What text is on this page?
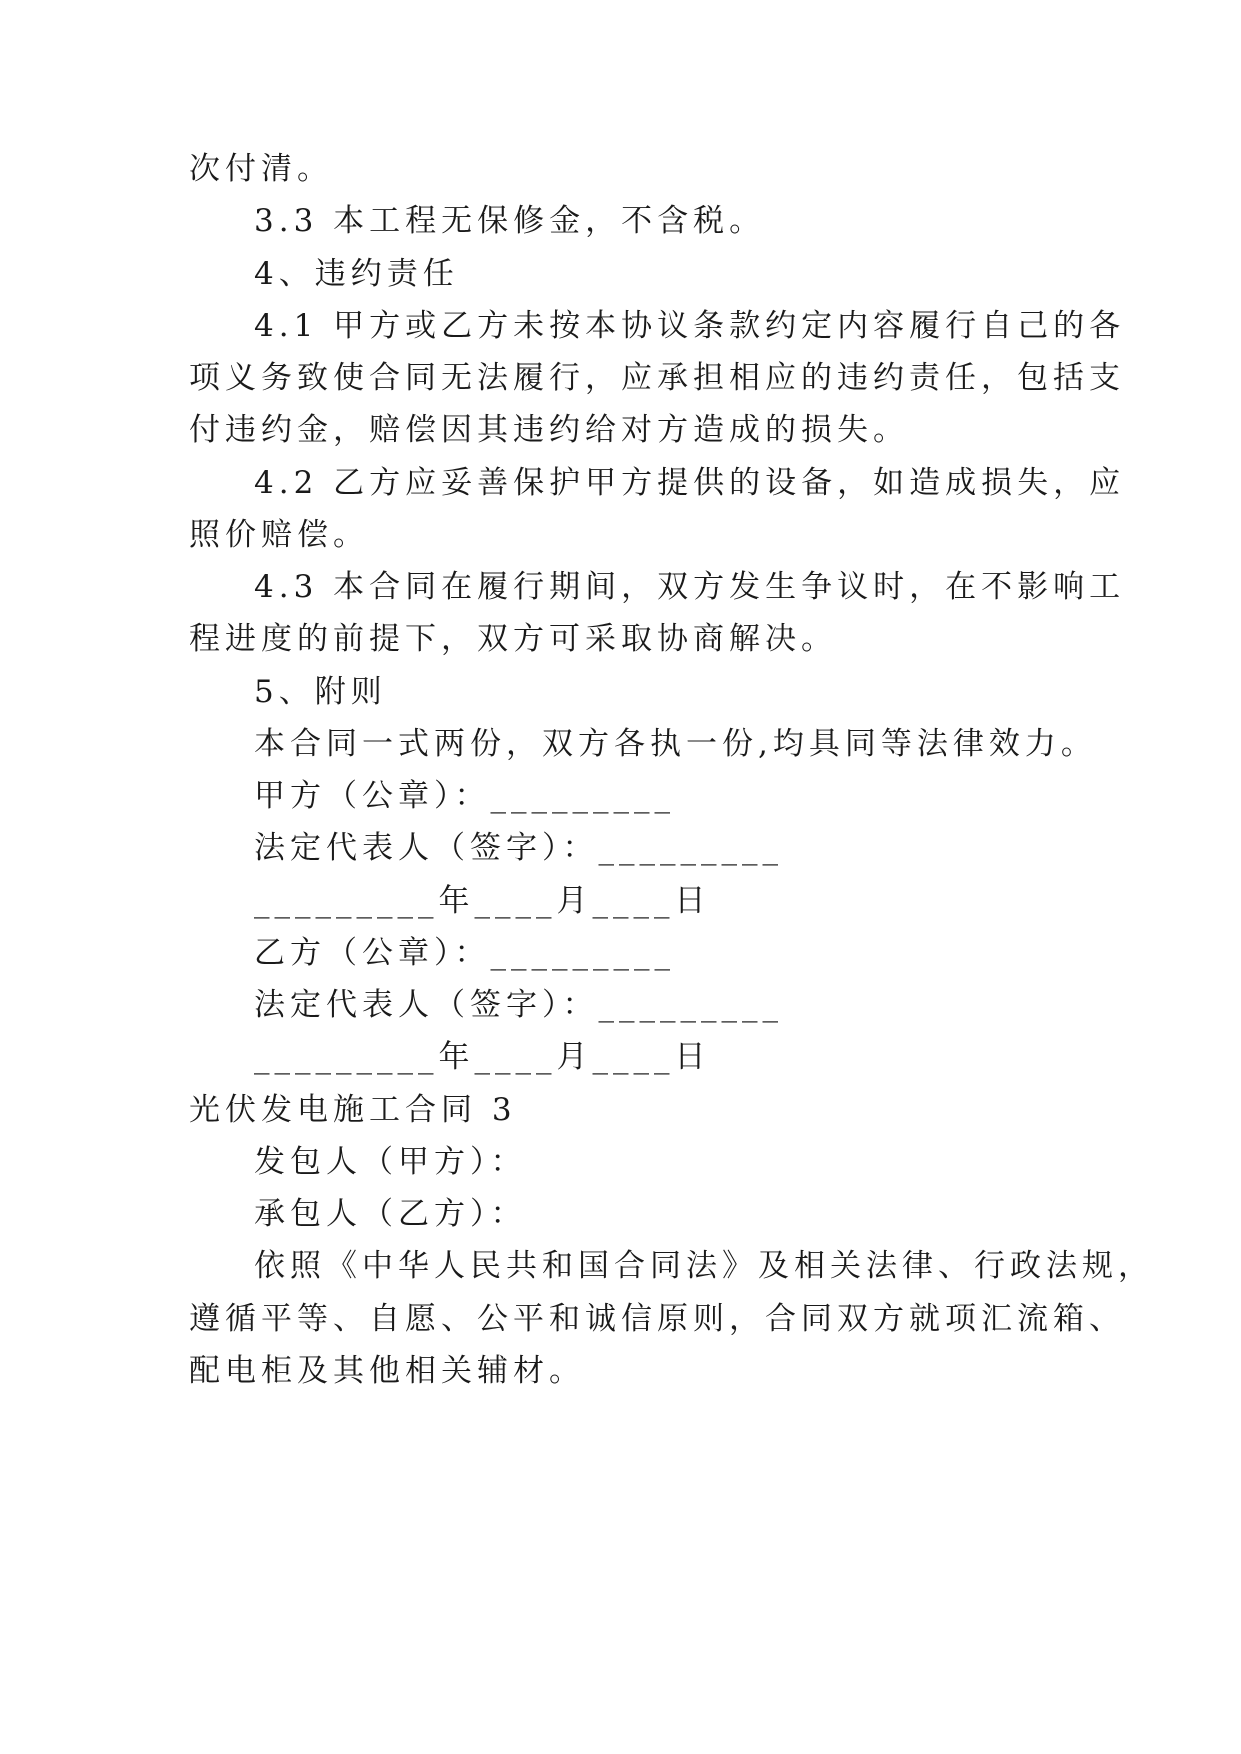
次付清。
3.3 本工程无保修金，不含税。
4、违约责任
4.1 甲方或乙方未按本协议条款约定内容履行自己的各
项义务致使合同无法履行，应承担相应的违约责任，包括支
付违约金，赔偿因其违约给对方造成的损失。
4.2 乙方应妥善保护甲方提供的设备，如造成损失，应
照价赔偿。
4.3 本合同在履行期间，双方发生争议时，在不影响工
程进度的前提下，双方可采取协商解决。
5、附则
本合同一式两份，双方各执一份,均具同等法律效力。
甲方（公章）：_________
法定代表人（签字）：_________
_________年____月____日
乙方（公章）：_________
法定代表人（签字）：_________
_________年____月____日
光伏发电施工合同 3
发包人（甲方）：
承包人（乙方）：
依照《中华人民共和国合同法》及相关法律、行政法规，
遵循平等、自愿、公平和诚信原则，合同双方就项汇流箱、
配电柜及其他相关辅材。
